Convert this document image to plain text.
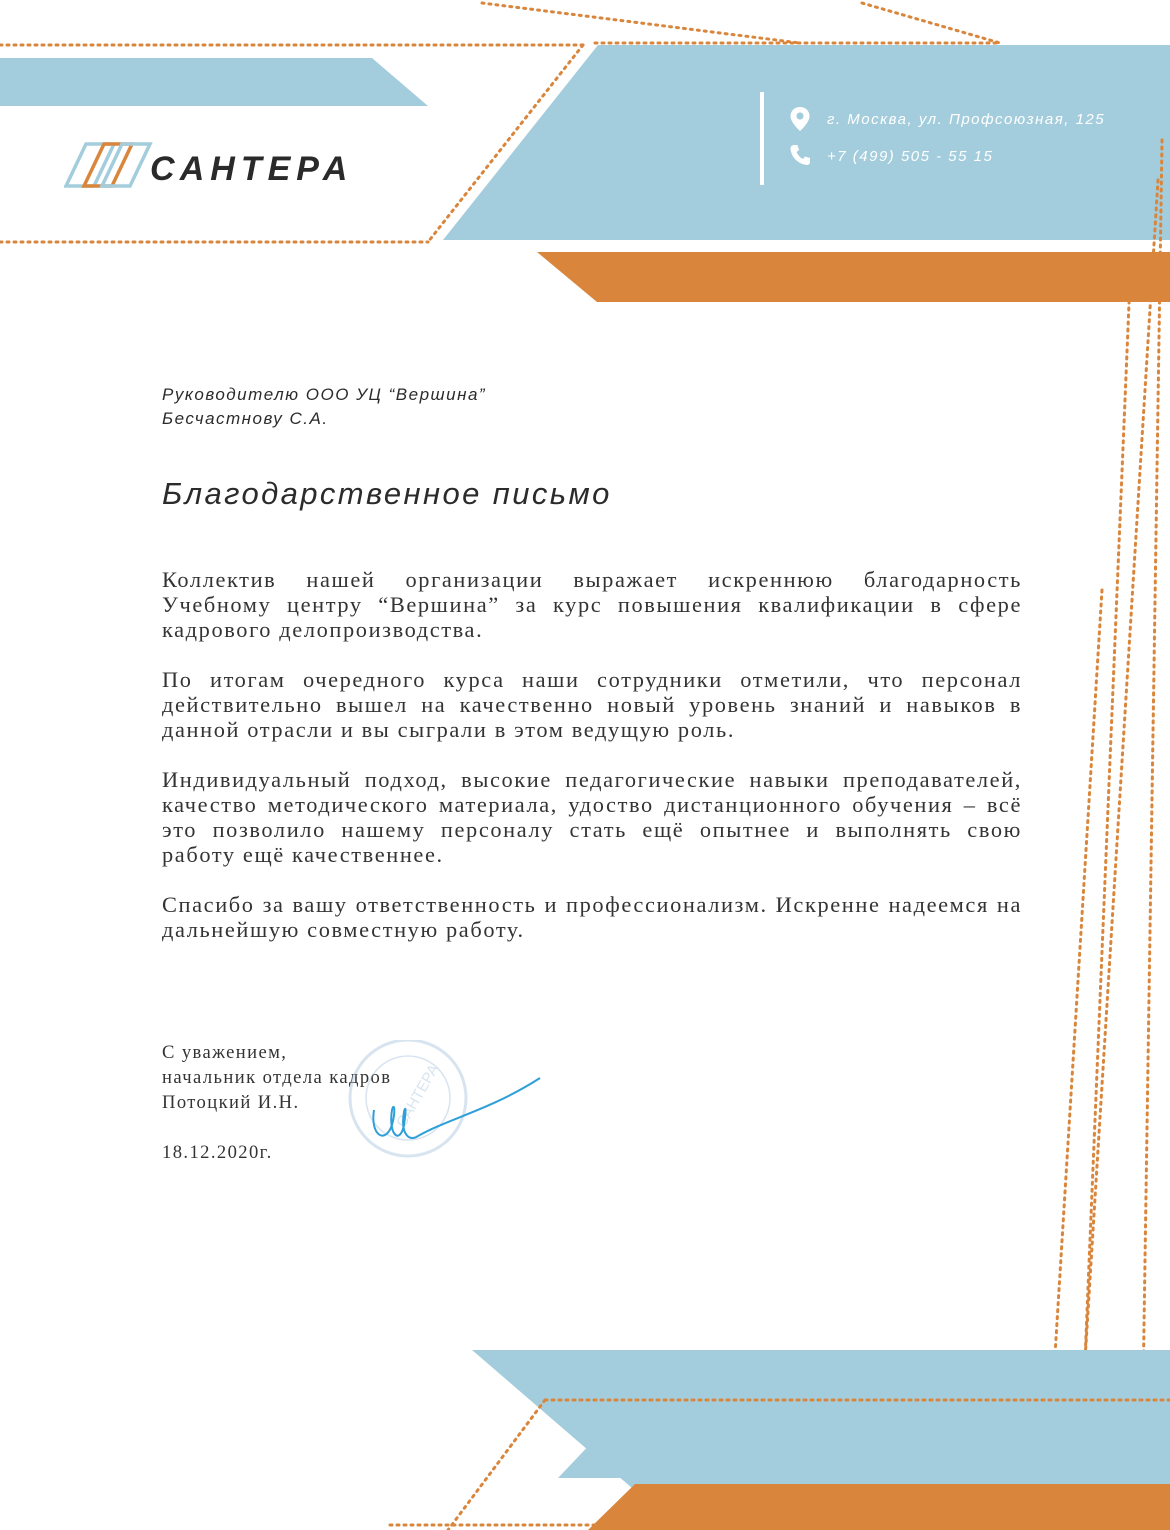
САНТЕРА
г. Москва, ул. Профсоюзная, 125
+7 (499) 505 - 55 15
Руководителю ООО УЦ “Вершина”
Бесчастнову С.А.
Благодарственное письмо
Коллектив нашей организации выражает искреннюю благодарность Учебному центру “Вершина” за курс повышения квалификации в сфере кадрового делопроизводства.
По итогам очередного курса наши сотрудники отметили, что персонал действительно вышел на качественно новый уровень знаний и навыков в данной отрасли и вы сыграли в этом ведущую роль.
Индивидуальный подход, высокие педагогические навыки преподавателей, качество методического материала, удоство дистанционного обучения – всё это позволило нашему персоналу стать ещё опытнее и выполнять свою работу ещё качественнее.
Спасибо за вашу ответственность и профессионализм. Искренне надеемся на дальнейшую совместную работу.
С уважением,
начальник отдела кадров
Потоцкий И.Н.
18.12.2020г.
САНТЕРА
